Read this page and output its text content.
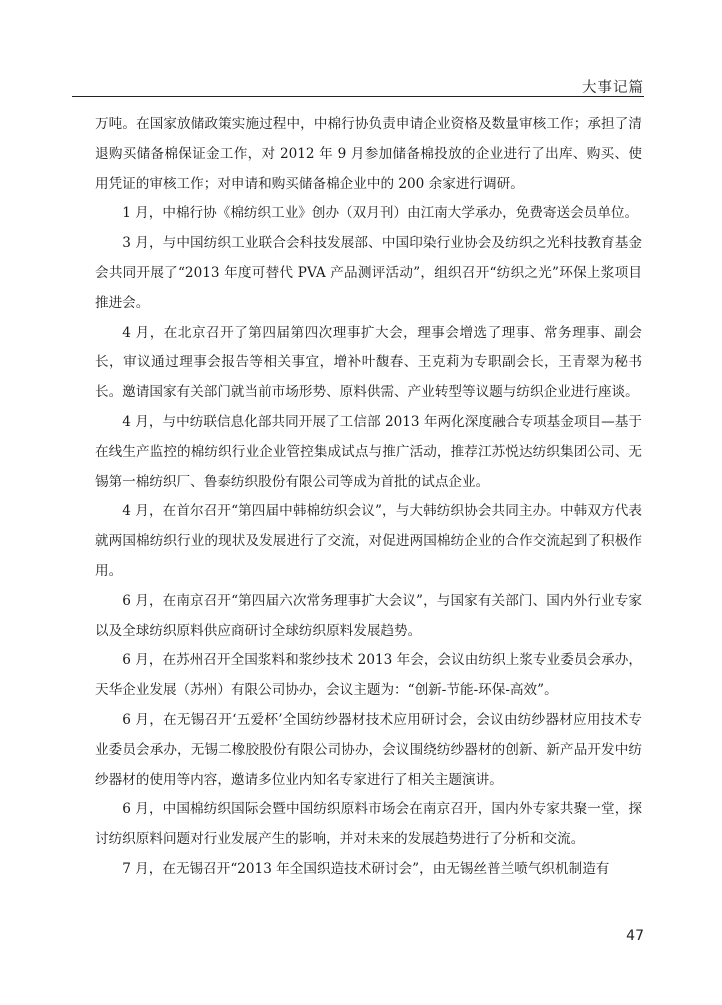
大事记篇

万吨。在国家放储政策实施过程中，中棉行协负责申请企业资格及数量审核工作；承担了清退购买储备棉保证金工作，对 2012 年 9 月参加储备棉投放的企业进行了出库、购买、使用凭证的审核工作；对申请和购买储备棉企业中的 200 余家进行调研。

1 月，中棉行协《棉纺织工业》创办（双月刊）由江南大学承办，免费寄送会员单位。

3 月，与中国纺织工业联合会科技发展部、中国印染行业协会及纺织之光科技教育基金会共同开展了“2013 年度可替代 PVA 产品测评活动”，组织召开“纺织之光”环保上浆项目推进会。

4 月，在北京召开了第四届第四次理事扩大会，理事会增选了理事、常务理事、副会长，审议通过理事会报告等相关事宜，增补叶馥春、王克莉为专职副会长，王青翠为秘书长。邀请国家有关部门就当前市场形势、原料供需、产业转型等议题与纺织企业进行座谈。

4 月，与中纺联信息化部共同开展了工信部 2013 年两化深度融合专项基金项目—基于在线生产监控的棉纺织行业企业管控集成试点与推广活动，推荐江苏悦达纺织集团公司、无锡第一棉纺织厂、鲁泰纺织股份有限公司等成为首批的试点企业。

4 月，在首尔召开“第四届中韩棉纺织会议”，与大韩纺织协会共同主办。中韩双方代表就两国棉纺织行业的现状及发展进行了交流，对促进两国棉纺企业的合作交流起到了积极作用。

6 月，在南京召开“第四届六次常务理事扩大会议”，与国家有关部门、国内外行业专家以及全球纺织原料供应商研讨全球纺织原料发展趋势。

6 月，在苏州召开全国浆料和浆纱技术 2013 年会，会议由纺织上浆专业委员会承办，天华企业发展（苏州）有限公司协办，会议主题为：“创新-节能-环保-高效”。

6 月，在无锡召开‘五爱杯’全国纺纱器材技术应用研讨会，会议由纺纱器材应用技术专业委员会承办，无锡二橡胶股份有限公司协办，会议围绕纺纱器材的创新、新产品开发中纺纱器材的使用等内容，邀请多位业内知名专家进行了相关主题演讲。

6 月，中国棉纺织国际会暨中国纺织原料市场会在南京召开，国内外专家共聚一堂，探讨纺织原料问题对行业发展产生的影响，并对未来的发展趋势进行了分析和交流。

7 月，在无锡召开“2013 年全国织造技术研讨会”，由无锡丝普兰喷气织机制造有

47
